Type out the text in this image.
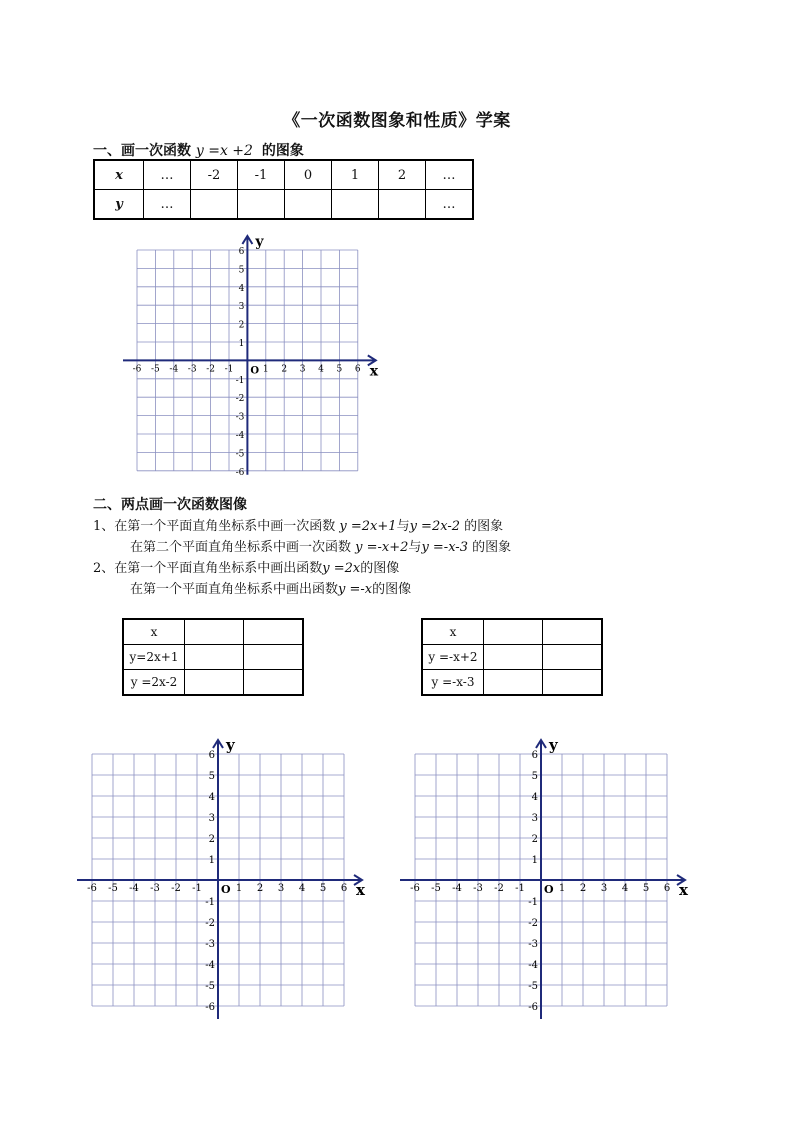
《一次函数图象和性质》学案
一、画一次函数 y =x +2 的图象
x	…	-2	-1	0	1	2	…
y	…						…
x
y
O
-6 -5 -4 -3 -2 -1	1 2 3 4 5 6
6
5
4
3
2
1
-1
-2
-3
-4
-5
-6
二、两点画一次函数图像
1、在第一个平面直角坐标系中画一次函数 y =2x+1与y =2x-2 的图象
在第二个平面直角坐标系中画一次函数 y =-x+2与y =-x-3 的图象
2、在第一个平面直角坐标系中画出函数y =2x的图像
在第一个平面直角坐标系中画出函数y =-x的图像
x		
y=2x+1		
y =2x-2		
x		
y =-x+2		
y =-x-3		
x
y
O
-6 -5 -4 -3 -2 -1	1 2 3 4 5 6
6
5
4
3
2
1
-1
-2
-3
-4
-5
-6
x
y
O
-6 -5 -4 -3 -2 -1	1 2 3 4 5 6
6
5
4
3
2
1
-1
-2
-3
-4
-5
-6
